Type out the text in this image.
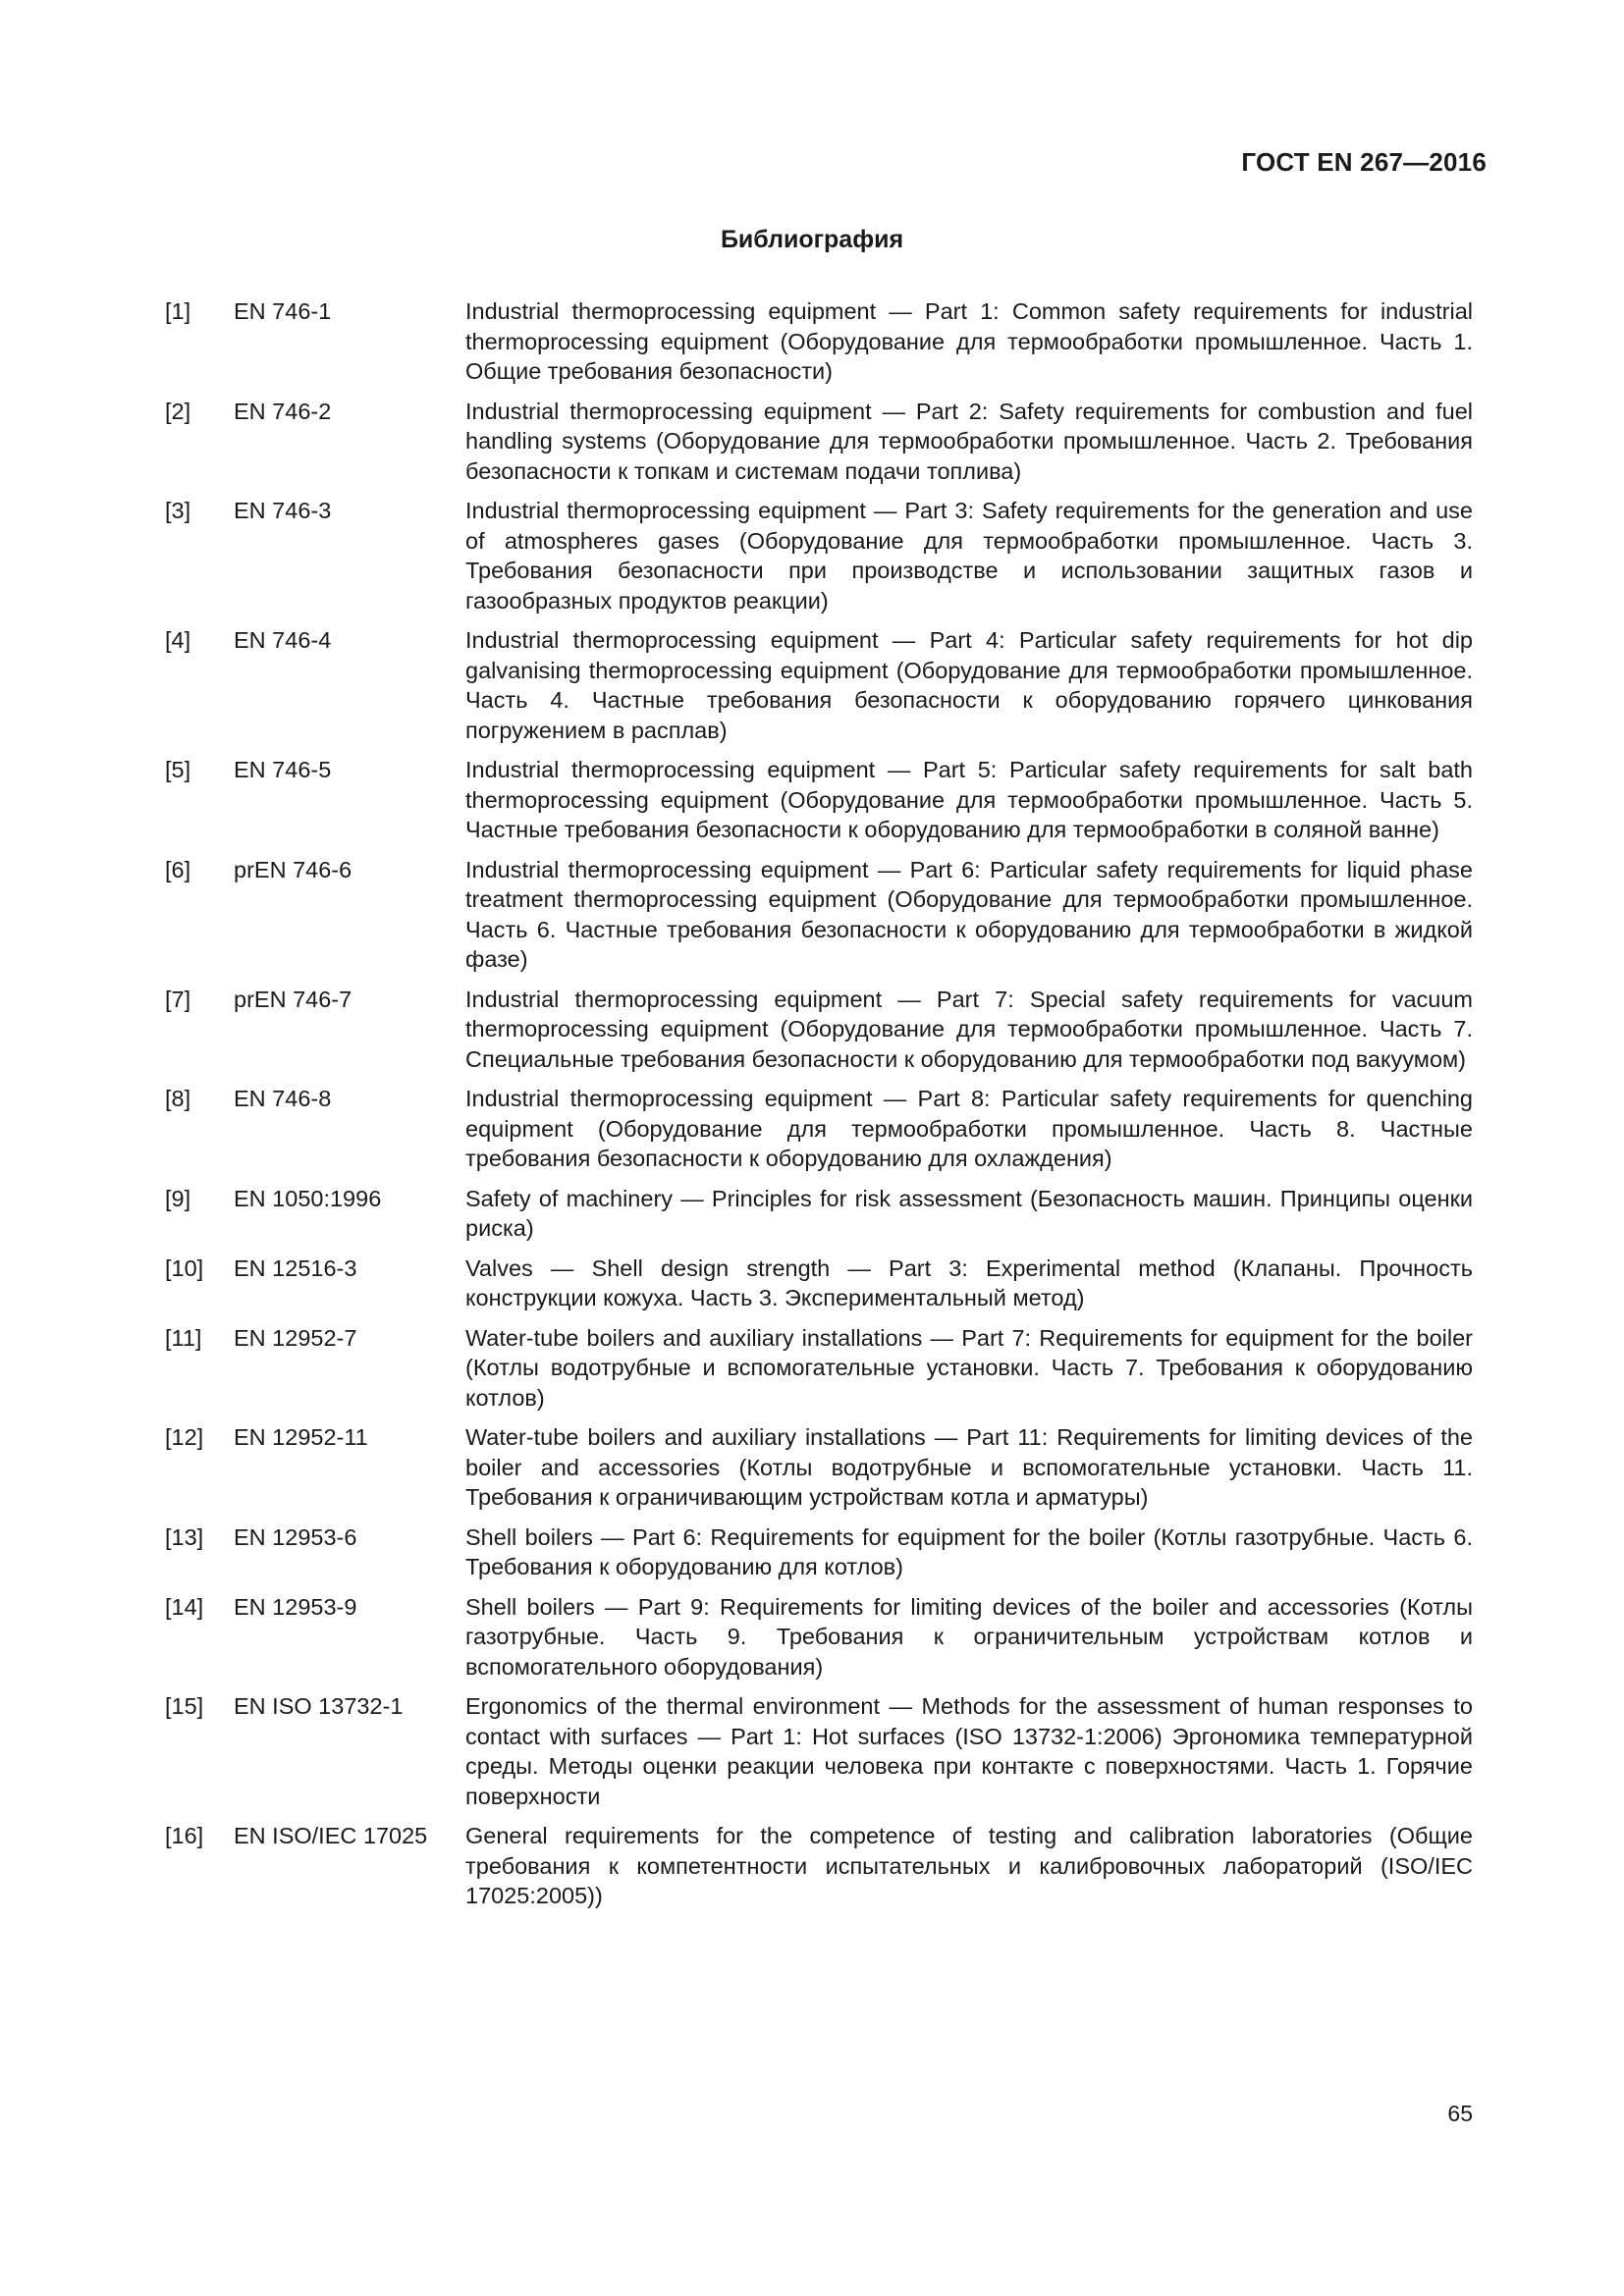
ГОСТ EN 267—2016
Библиография
[1]	EN 746-1	Industrial thermoprocessing equipment — Part 1: Common safety requirements for industrial thermoprocessing equipment (Оборудование для термообработки промышленное. Часть 1. Общие требования безопасности)
[2]	EN 746-2	Industrial thermoprocessing equipment — Part 2: Safety requirements for combustion and fuel handling systems (Оборудование для термообработки промышленное. Часть 2. Требования безопасности к топкам и системам подачи топлива)
[3]	EN 746-3	Industrial thermoprocessing equipment — Part 3: Safety requirements for the generation and use of atmospheres gases (Оборудование для термообработки промышленное. Часть 3. Требования безопасности при производстве и использовании защитных газов и газообразных продуктов реакции)
[4]	EN 746-4	Industrial thermoprocessing equipment — Part 4: Particular safety requirements for hot dip galvanising thermoprocessing equipment (Оборудование для термообработки промышленное. Часть 4. Частные требования безопасности к оборудованию горячего цинкования погружением в расплав)
[5]	EN 746-5	Industrial thermoprocessing equipment — Part 5: Particular safety requirements for salt bath thermoprocessing equipment (Оборудование для термообработки промышленное. Часть 5. Частные требования безопасности к оборудованию для термообработки в соляной ванне)
[6]	prEN 746-6	Industrial thermoprocessing equipment — Part 6: Particular safety requirements for liquid phase treatment thermoprocessing equipment (Оборудование для термообработки промышленное. Часть 6. Частные требования безопасности к оборудованию для термообработки в жидкой фазе)
[7]	prEN 746-7	Industrial thermoprocessing equipment — Part 7: Special safety requirements for vacuum thermoprocessing equipment (Оборудование для термообработки промышленное. Часть 7. Специальные требования безопасности к оборудованию для термообработки под вакуумом)
[8]	EN 746-8	Industrial thermoprocessing equipment — Part 8: Particular safety requirements for quenching equipment (Оборудование для термообработки промышленное. Часть 8. Частные требования безопасности к оборудованию для охлаждения)
[9]	EN 1050:1996	Safety of machinery — Principles for risk assessment (Безопасность машин. Принципы оценки риска)
[10]	EN 12516-3	Valves — Shell design strength — Part 3: Experimental method (Клапаны. Прочность конструкции кожуха. Часть 3. Экспериментальный метод)
[11]	EN 12952-7	Water-tube boilers and auxiliary installations — Part 7: Requirements for equipment for the boiler (Котлы водотрубные и вспомогательные установки. Часть 7. Требования к оборудованию котлов)
[12]	EN 12952-11	Water-tube boilers and auxiliary installations — Part 11: Requirements for limiting devices of the boiler and accessories (Котлы водотрубные и вспомогательные установки. Часть 11. Требования к ограничивающим устройствам котла и арматуры)
[13]	EN 12953-6	Shell boilers — Part 6: Requirements for equipment for the boiler (Котлы газотрубные. Часть 6. Требования к оборудованию для котлов)
[14]	EN 12953-9	Shell boilers — Part 9: Requirements for limiting devices of the boiler and accessories (Котлы газотрубные. Часть 9. Требования к ограничительным устройствам котлов и вспомогательного оборудования)
[15]	EN ISO 13732-1	Ergonomics of the thermal environment — Methods for the assessment of human responses to contact with surfaces — Part 1: Hot surfaces (ISO 13732-1:2006) Эргономика температурной среды. Методы оценки реакции человека при контакте с поверхностями. Часть 1. Горячие поверхности
[16]	EN ISO/IEC 17025	General requirements for the competence of testing and calibration laboratories (Общие требования к компетентности испытательных и калибровочных лабораторий (ISO/IEC 17025:2005))
65
